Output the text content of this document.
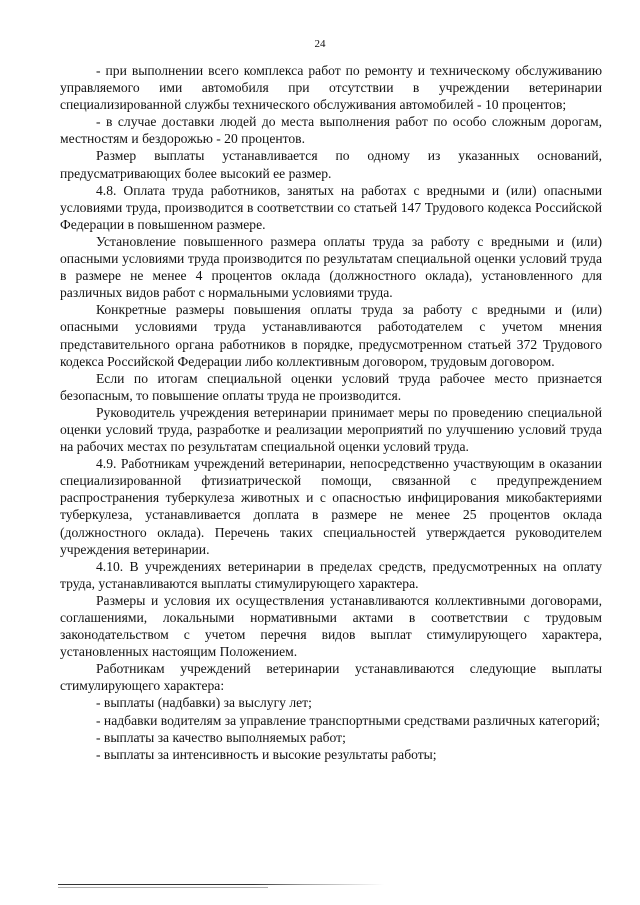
24

- при выполнении всего комплекса работ по ремонту и техническому обслуживанию управляемого ими автомобиля при отсутствии в учреждении ветеринарии специализированной службы технического обслуживания автомобилей - 10 процентов;

- в случае доставки людей до места выполнения работ по особо сложным дорогам, местностям и бездорожью - 20 процентов.

Размер выплаты устанавливается по одному из указанных оснований, предусматривающих более высокий ее размер.

4.8. Оплата труда работников, занятых на работах с вредными и (или) опасными условиями труда, производится в соответствии со статьей 147 Трудового кодекса Российской Федерации в повышенном размере.

Установление повышенного размера оплаты труда за работу с вредными и (или) опасными условиями труда производится по результатам специальной оценки условий труда в размере не менее 4 процентов оклада (должностного оклада), установленного для различных видов работ с нормальными условиями труда.

Конкретные размеры повышения оплаты труда за работу с вредными и (или) опасными условиями труда устанавливаются работодателем с учетом мнения представительного органа работников в порядке, предусмотренном статьей 372 Трудового кодекса Российской Федерации либо коллективным договором, трудовым договором.

Если по итогам специальной оценки условий труда рабочее место признается безопасным, то повышение оплаты труда не производится.

Руководитель учреждения ветеринарии принимает меры по проведению специальной оценки условий труда, разработке и реализации мероприятий по улучшению условий труда на рабочих местах по результатам специальной оценки условий труда.

4.9. Работникам учреждений ветеринарии, непосредственно участвующим в оказании специализированной фтизиатрической помощи, связанной с предупреждением распространения туберкулеза животных и с опасностью инфицирования микобактериями туберкулеза, устанавливается доплата в размере не менее 25 процентов оклада (должностного оклада). Перечень таких специальностей утверждается руководителем учреждения ветеринарии.

4.10. В учреждениях ветеринарии в пределах средств, предусмотренных на оплату труда, устанавливаются выплаты стимулирующего характера.

Размеры и условия их осуществления устанавливаются коллективными договорами, соглашениями, локальными нормативными актами в соответствии с трудовым законодательством с учетом перечня видов выплат стимулирующего характера, установленных настоящим Положением.

Работникам учреждений ветеринарии устанавливаются следующие выплаты стимулирующего характера:

- выплаты (надбавки) за выслугу лет;

- надбавки водителям за управление транспортными средствами различных категорий;

- выплаты за качество выполняемых работ;

- выплаты за интенсивность и высокие результаты работы;
